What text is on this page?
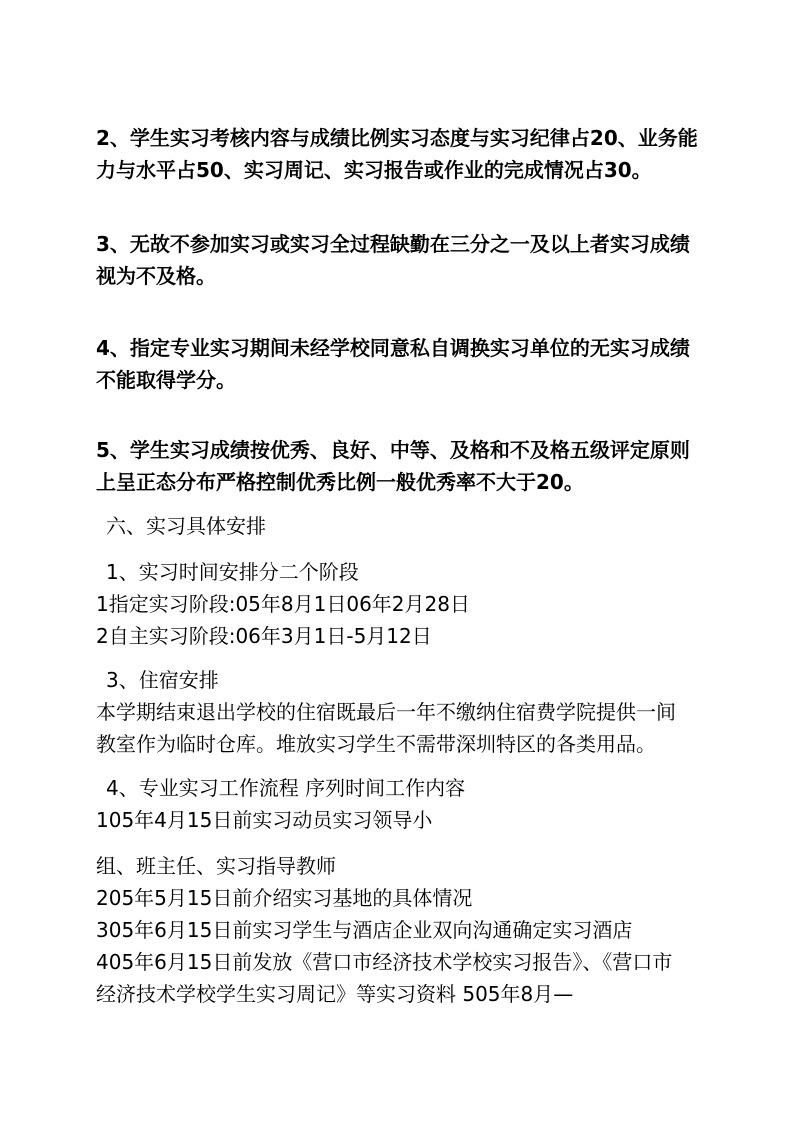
2、学生实习考核内容与成绩比例实习态度与实习纪律占20、业务能
力与水平占50、实习周记、实习报告或作业的完成情况占30。
3、无故不参加实习或实习全过程缺勤在三分之一及以上者实习成绩
视为不及格。
4、指定专业实习期间未经学校同意私自调换实习单位的无实习成绩
不能取得学分。
5、学生实习成绩按优秀、良好、中等、及格和不及格五级评定原则
上呈正态分布严格控制优秀比例一般优秀率不大于20。
六、实习具体安排
1、实习时间安排分二个阶段
1指定实习阶段:05年8月1日06年2月28日
2自主实习阶段:06年3月1日-5月12日
3、住宿安排
本学期结束退出学校的住宿既最后一年不缴纳住宿费学院提供一间
教室作为临时仓库。堆放实习学生不需带深圳特区的各类用品。
4、专业实习工作流程 序列时间工作内容
105年4月15日前实习动员实习领导小
组、班主任、实习指导教师
205年5月15日前介绍实习基地的具体情况
305年6月15日前实习学生与酒店企业双向沟通确定实习酒店
405年6月15日前发放《营口市经济技术学校实习报告》、《营口市
经济技术学校学生实习周记》等实习资料 505年8月—
